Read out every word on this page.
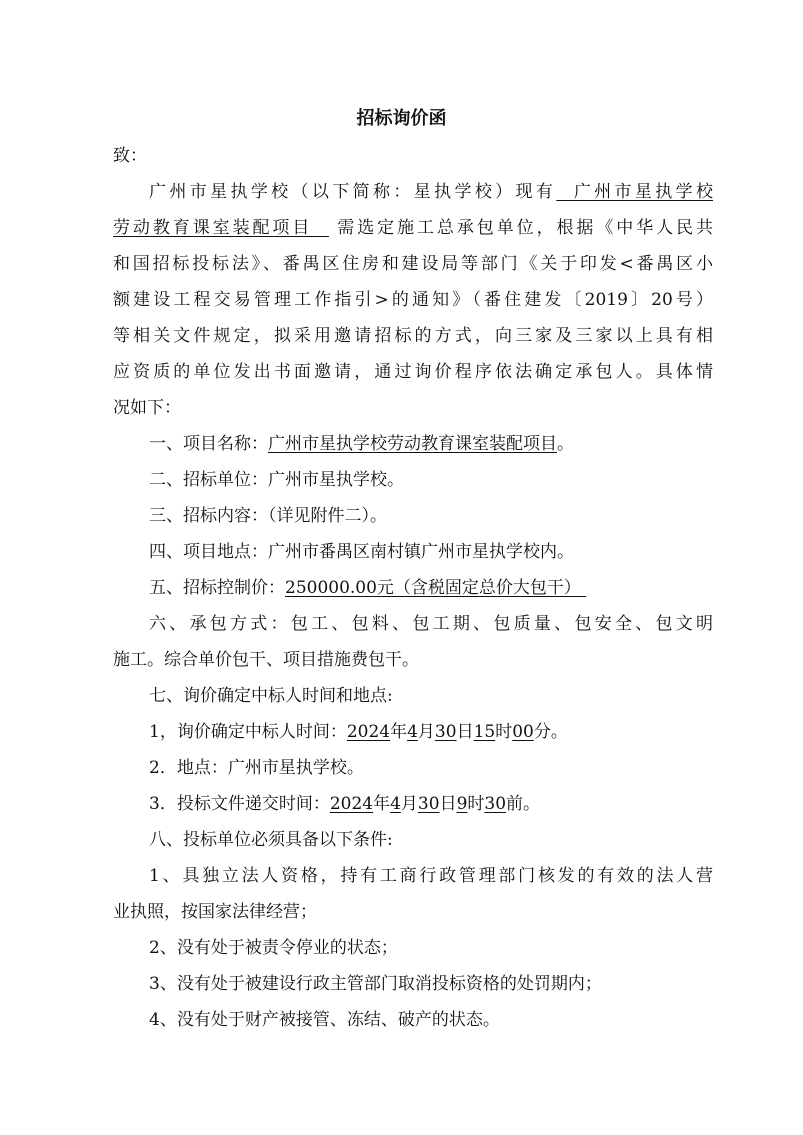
招标询价函
致：
广州市星执学校（以下简称：星执学校）现有  广州市星执学校
劳动教育课室装配项目   需选定施工总承包单位，根据《中华人民共
和国招标投标法》、番禺区住房和建设局等部门《关于印发<番禺区小
额建设工程交易管理工作指引>的通知》（番住建发〔2019〕20号）
等相关文件规定，拟采用邀请招标的方式，向三家及三家以上具有相
应资质的单位发出书面邀请，通过询价程序依法确定承包人。具体情
况如下：
一、项目名称：广州市星执学校劳动教育课室装配项目。
二、招标单位：广州市星执学校。
三、招标内容：（详见附件二）。
四、项目地点：广州市番禺区南村镇广州市星执学校内。
五、招标控制价：250000.00元（含税固定总价大包干）
六、承包方式：包工、包料、包工期、包质量、包安全、包文明
施工。综合单价包干、项目措施费包干。
七、询价确定中标人时间和地点:
1，询价确定中标人时间：2024年4月30日15时00分。
2．地点：广州市星执学校。
3．投标文件递交时间：2024年4月30日9时30前。
八、投标单位必须具备以下条件:
1、具独立法人资格，持有工商行政管理部门核发的有效的法人营
业执照，按国家法律经营；
2、没有处于被责令停业的状态；
3、没有处于被建设行政主管部门取消投标资格的处罚期内；
4、没有处于财产被接管、冻结、破产的状态。
